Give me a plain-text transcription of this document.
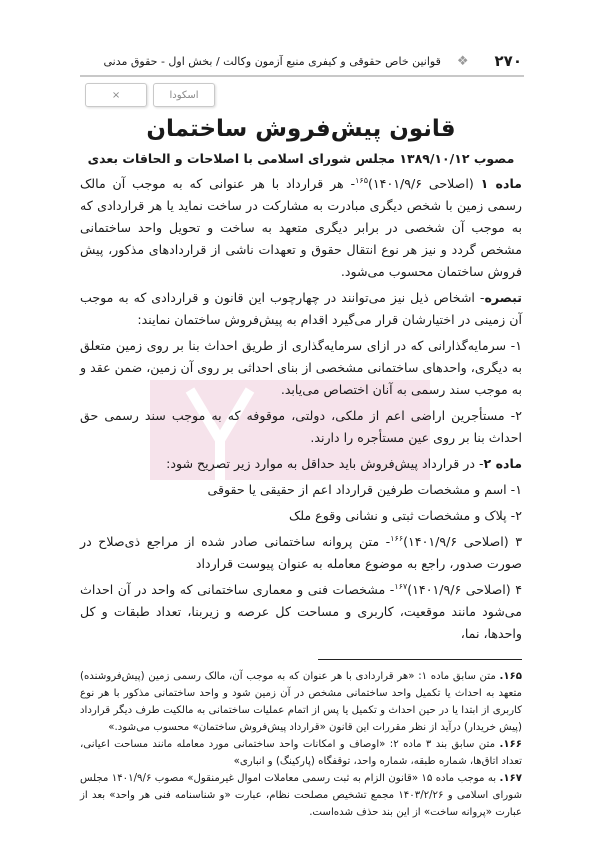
۲۷۰
❖
قوانین خاص حقوقی و کیفری منبع آزمون وکالت / بخش اول - حقوق مدنی
اسکودا
×
قانون پیش‌فروش ساختمان
مصوب ۱۳۸۹/۱۰/۱۲ مجلس شورای اسلامی با اصلاحات و الحاقات بعدی

ماده ۱ (اصلاحی ۱۴۰۱/۹/۶)$^{۱۶۵}$- هر قرارداد با هر عنوانی که به موجب آن مالک رسمی زمین با شخص دیگری مبادرت به مشارکت در ساخت نماید یا هر قراردادی که به موجب آن شخصی در برابر دیگری متعهد به ساخت و تحویل واحد ساختمانی مشخص گردد و نیز هر نوع انتقال حقوق و تعهدات ناشی از قراردادهای مذکور، پیش فروش ساختمان محسوب می‌شود.

تبصره- اشخاص ذیل نیز می‌توانند در چهارچوب این قانون و قراردادی که به موجب آن زمینی در اختیارشان قرار می‌گیرد اقدام به پیش‌فروش ساختمان نمایند:

۱- سرمایه‌گذارانی که در ازای سرمایه‌گذاری از طریق احداث بنا بر روی زمین متعلق به دیگری، واحدهای ساختمانی مشخصی از بنای احداثی بر روی آن زمین، ضمن عقد و به موجب سند رسمی به آنان اختصاص می‌یابد.

۲- مستأجرین اراضی اعم از ملکی، دولتی، موقوفه که به موجب سند رسمی حق احداث بنا بر روی عین مستأجره را دارند.

ماده ۲- در قرارداد پیش‌فروش باید حداقل به موارد زیر تصریح شود:

۱- اسم و مشخصات طرفین قرارداد اعم از حقیقی یا حقوقی

۲- پلاک و مشخصات ثبتی و نشانی وقوع ملک

۳ (اصلاحی ۱۴۰۱/۹/۶)$^{۱۶۶}$- متن پروانه ساختمانی صادر شده از مراجع ذی‌صلاح در صورت صدور، راجع به موضوع معامله به عنوان پیوست قرارداد

۴ (اصلاحی ۱۴۰۱/۹/۶)$^{۱۶۷}$- مشخصات فنی و معماری ساختمانی که واحد در آن احداث می‌شود مانند موقعیت، کاربری و مساحت کل عرصه و زیربنا، تعداد طبقات و کل واحدها، نما،

۱۶۵. متن سابق ماده ۱: «هر قراردادی با هر عنوان که به موجب آن، مالک رسمی زمین (پیش‌فروشنده) متعهد به احداث یا تکمیل واحد ساختمانی مشخص در آن زمین شود و واحد ساختمانی مذکور با هر نوع کاربری از ابتدا یا در حین احداث و تکمیل یا پس از اتمام عملیات ساختمانی به مالکیت طرف دیگر قرارداد (پیش خریدار) درآید از نظر مقررات این قانون «قرارداد پیش‌فروش ساختمان» محسوب می‌شود.»

۱۶۶. متن سابق بند ۳ ماده ۲: «اوصاف و امکانات واحد ساختمانی مورد معامله مانند مساحت اعیانی، تعداد اتاق‌ها، شماره طبقه، شماره واحد، توقفگاه (پارکینگ) و انباری»

۱۶۷. به موجب ماده ۱۵ «قانون الزام به ثبت رسمی معاملات اموال غیرمنقول» مصوب ۱۴۰۱/۹/۶ مجلس شورای اسلامی و ۱۴۰۳/۲/۲۶ مجمع تشخیص مصلحت نظام، عبارت «و شناسنامه فنی هر واحد» بعد از عبارت «پروانه ساخت» از این بند حذف شده‌است.
